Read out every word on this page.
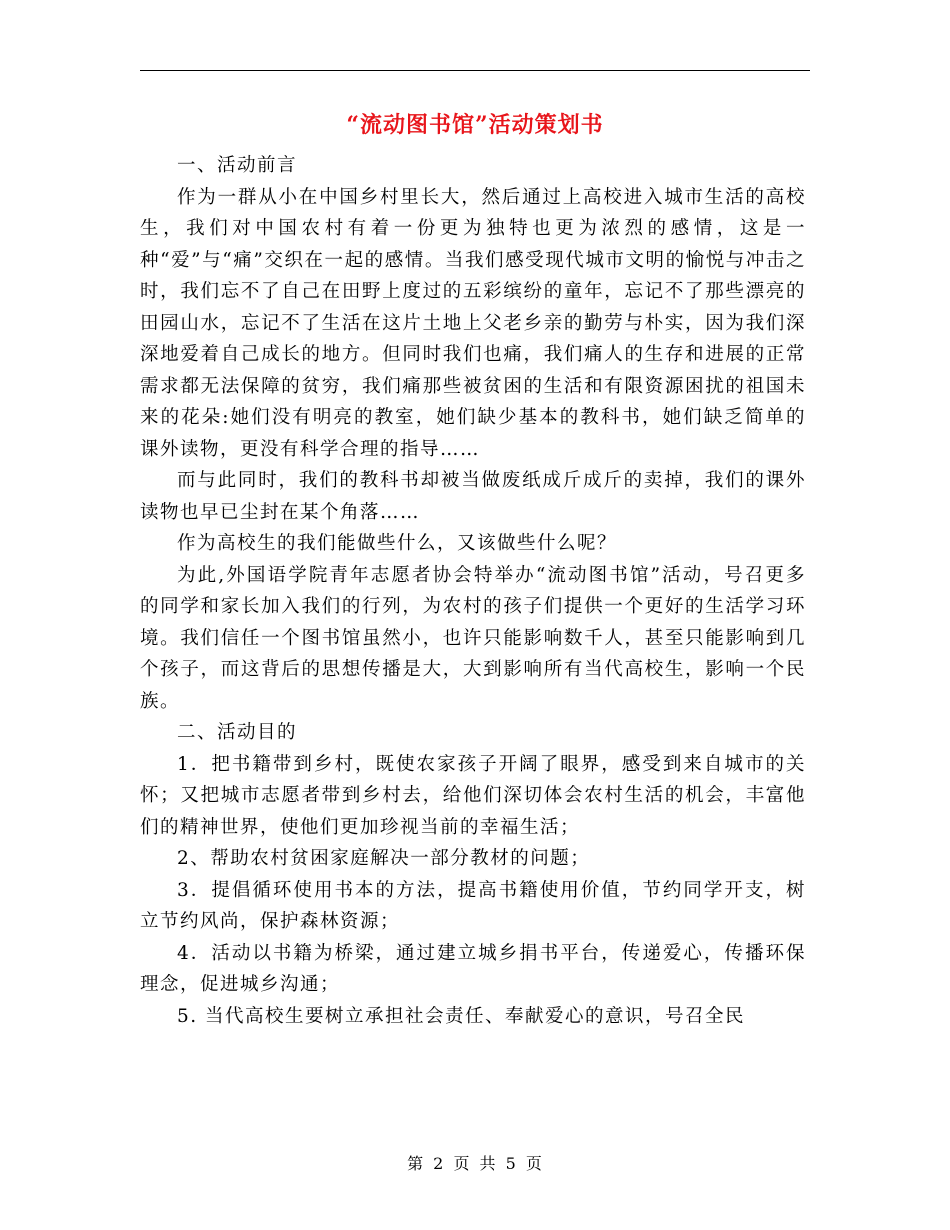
“流动图书馆”活动策划书

一、活动前言

作为一群从小在中国乡村里长大，然后通过上高校进入城市生活的高校生，我们对中国农村有着一份更为独特也更为浓烈的感情，这是一种“爱”与“痛”交织在一起的感情。当我们感受现代城市文明的愉悦与冲击之时，我们忘不了自己在田野上度过的五彩缤纷的童年，忘记不了那些漂亮的田园山水，忘记不了生活在这片土地上父老乡亲的勤劳与朴实，因为我们深深地爱着自己成长的地方。但同时我们也痛，我们痛人的生存和进展的正常需求都无法保障的贫穷，我们痛那些被贫困的生活和有限资源困扰的祖国未来的花朵:她们没有明亮的教室，她们缺少基本的教科书，她们缺乏简单的课外读物，更没有科学合理的指导……

而与此同时，我们的教科书却被当做废纸成斤成斤的卖掉，我们的课外读物也早已尘封在某个角落……

作为高校生的我们能做些什么，又该做些什么呢？

为此,外国语学院青年志愿者协会特举办“流动图书馆”活动，号召更多的同学和家长加入我们的行列，为农村的孩子们提供一个更好的生活学习环境。我们信任一个图书馆虽然小，也许只能影响数千人，甚至只能影响到几个孩子，而这背后的思想传播是大，大到影响所有当代高校生，影响一个民族。

二、活动目的

1．把书籍带到乡村，既使农家孩子开阔了眼界，感受到来自城市的关怀；又把城市志愿者带到乡村去，给他们深切体会农村生活的机会，丰富他们的精神世界，使他们更加珍视当前的幸福生活；

2、帮助农村贫困家庭解决一部分教材的问题；

3．提倡循环使用书本的方法，提高书籍使用价值，节约同学开支，树立节约风尚，保护森林资源；

4．活动以书籍为桥梁，通过建立城乡捐书平台，传递爱心，传播环保理念，促进城乡沟通；

5. 当代高校生要树立承担社会责任、奉献爱心的意识，号召全民

第 2 页 共 5 页
